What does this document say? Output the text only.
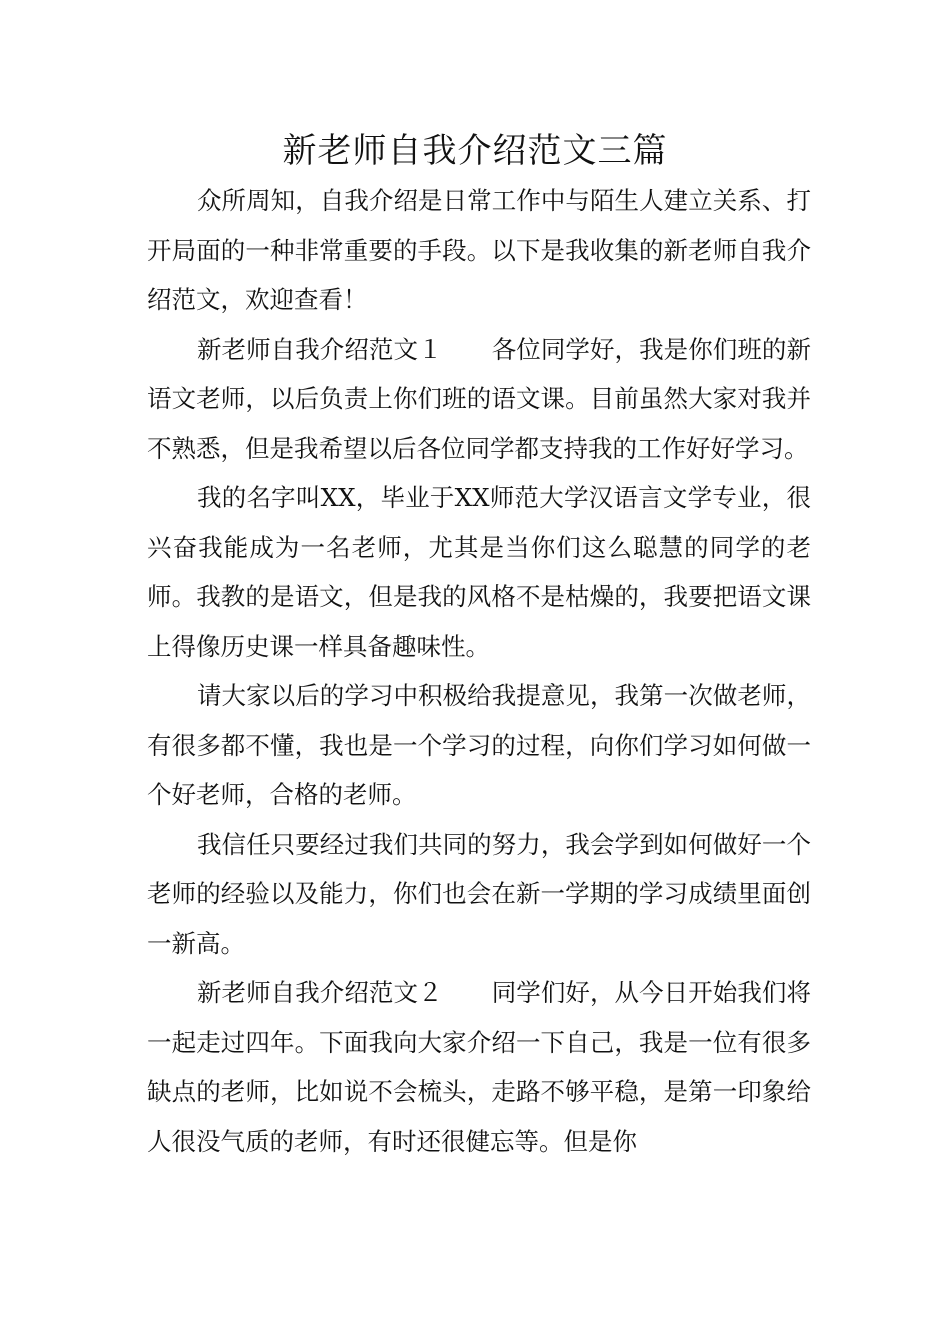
新老师自我介绍范文三篇

众所周知，自我介绍是日常工作中与陌生人建立关系、打开局面的一种非常重要的手段。以下是我收集的新老师自我介绍范文，欢迎查看！

新老师自我介绍范文１　　各位同学好，我是你们班的新语文老师，以后负责上你们班的语文课。目前虽然大家对我并不熟悉，但是我希望以后各位同学都支持我的工作好好学习。

我的名字叫XX，毕业于XX师范大学汉语言文学专业，很兴奋我能成为一名老师，尤其是当你们这么聪慧的同学的老师。我教的是语文，但是我的风格不是枯燥的，我要把语文课上得像历史课一样具备趣味性。

请大家以后的学习中积极给我提意见，我第一次做老师，有很多都不懂，我也是一个学习的过程，向你们学习如何做一个好老师，合格的老师。

我信任只要经过我们共同的努力，我会学到如何做好一个老师的经验以及能力，你们也会在新一学期的学习成绩里面创一新高。

新老师自我介绍范文２　　同学们好，从今日开始我们将一起走过四年。下面我向大家介绍一下自己，我是一位有很多缺点的老师，比如说不会梳头，走路不够平稳，是第一印象给人很没气质的老师，有时还很健忘等。但是你
